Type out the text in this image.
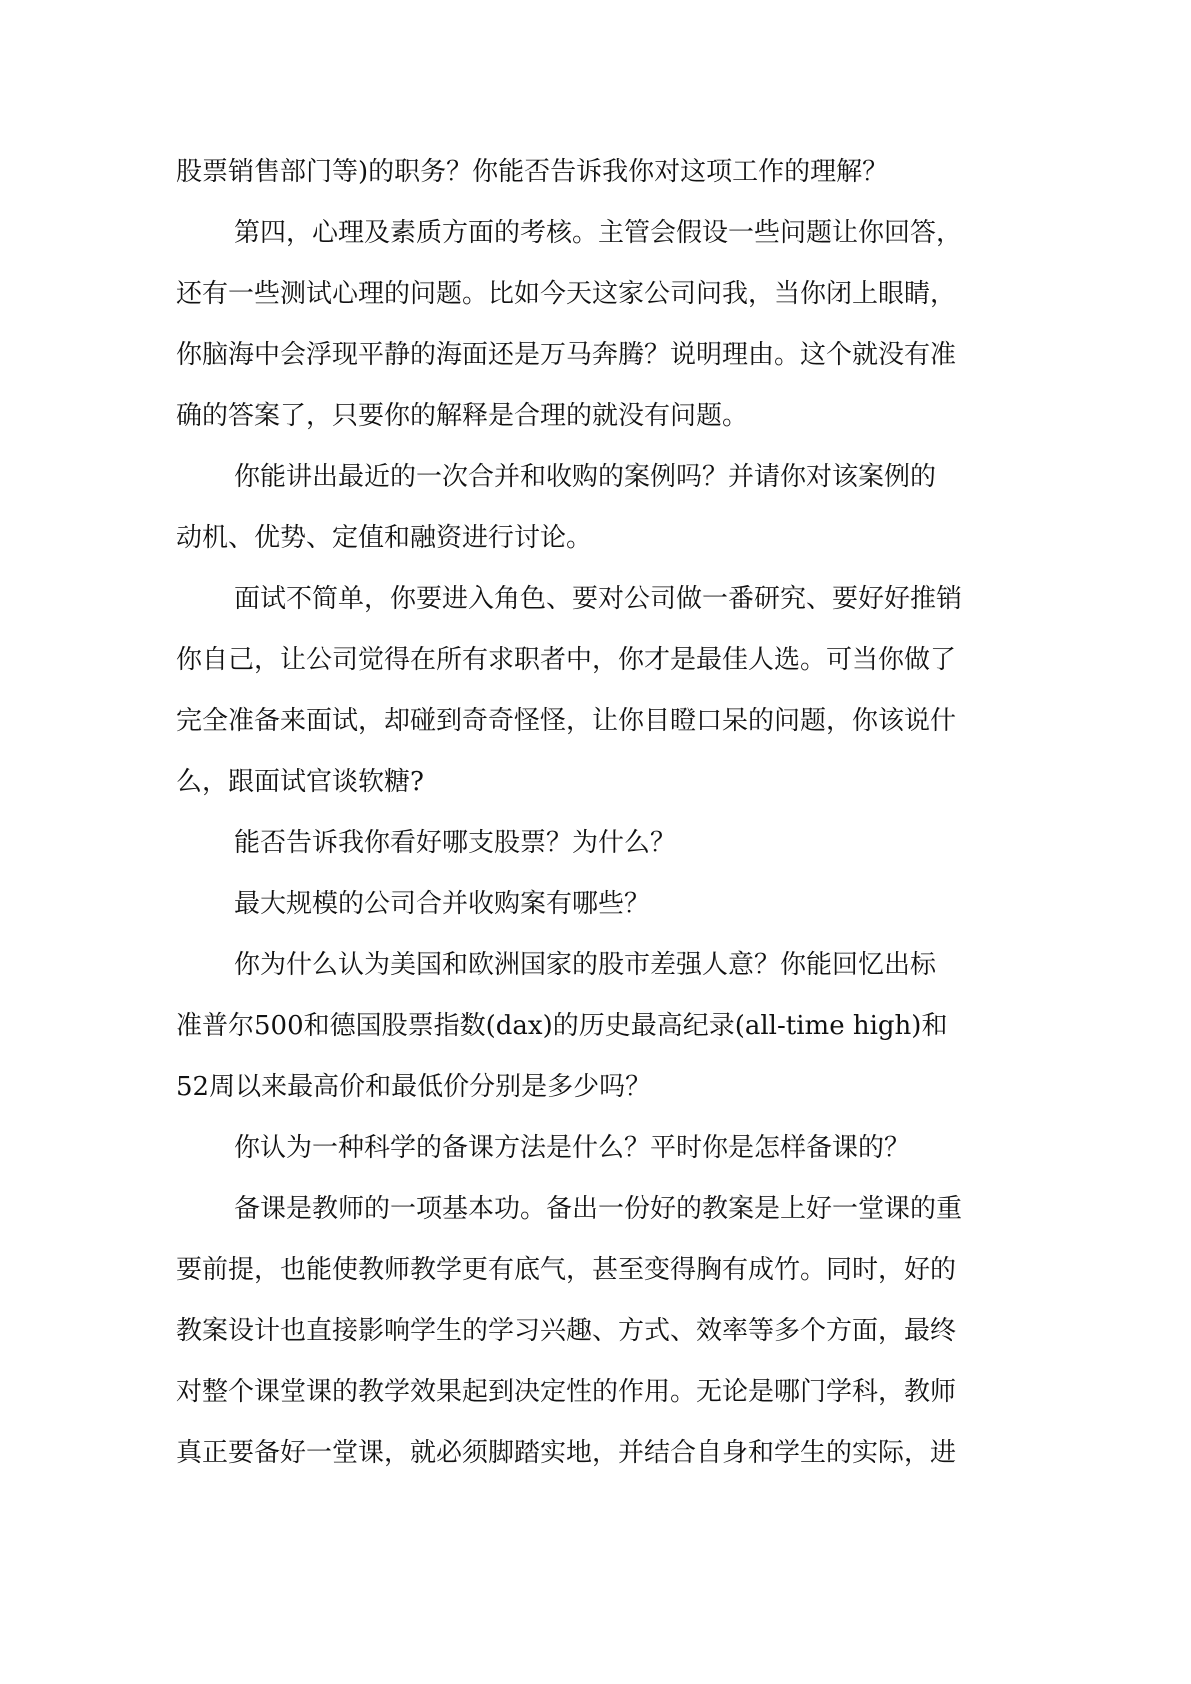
股票销售部门等)的职务？你能否告诉我你对这项工作的理解？
第四，心理及素质方面的考核。主管会假设一些问题让你回答，
还有一些测试心理的问题。比如今天这家公司问我，当你闭上眼睛，
你脑海中会浮现平静的海面还是万马奔腾？说明理由。这个就没有准
确的答案了，只要你的解释是合理的就没有问题。
你能讲出最近的一次合并和收购的案例吗？并请你对该案例的
动机、优势、定值和融资进行讨论。
面试不简单，你要进入角色、要对公司做一番研究、要好好推销
你自己，让公司觉得在所有求职者中，你才是最佳人选。可当你做了
完全准备来面试，却碰到奇奇怪怪，让你目瞪口呆的问题，你该说什
么，跟面试官谈软糖?
能否告诉我你看好哪支股票？为什么？
最大规模的公司合并收购案有哪些？
你为什么认为美国和欧洲国家的股市差强人意？你能回忆出标
准普尔500和德国股票指数(dax)的历史最高纪录(all-time high)和
52周以来最高价和最低价分别是多少吗？
你认为一种科学的备课方法是什么？平时你是怎样备课的？
备课是教师的一项基本功。备出一份好的教案是上好一堂课的重
要前提，也能使教师教学更有底气，甚至变得胸有成竹。同时，好的
教案设计也直接影响学生的学习兴趣、方式、效率等多个方面，最终
对整个课堂课的教学效果起到决定性的作用。无论是哪门学科，教师
真正要备好一堂课，就必须脚踏实地，并结合自身和学生的实际，进
